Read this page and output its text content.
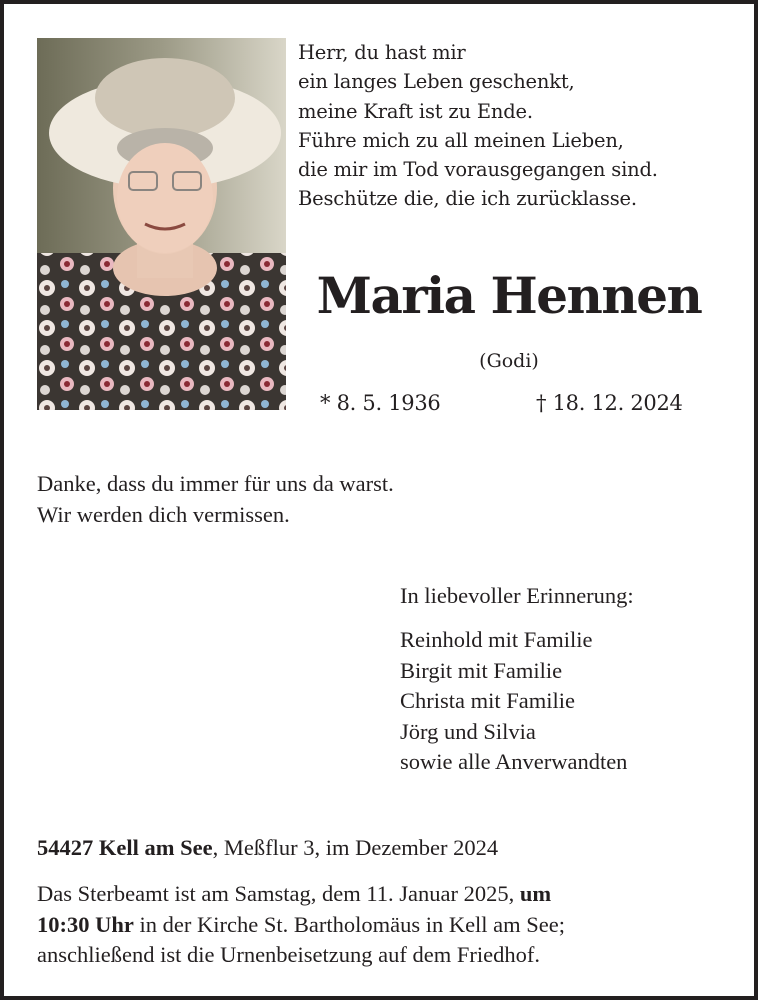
Herr, du hast mir
ein langes Leben geschenkt,
meine Kraft ist zu Ende.
Führe mich zu all meinen Lieben,
die mir im Tod vorausgegangen sind.
Beschütze die, die ich zurücklasse.
Maria Hennen
(Godi)
* 8. 5. 1936	† 18. 12. 2024
Danke, dass du immer für uns da warst.
Wir werden dich vermissen.
In liebevoller Erinnerung:
Reinhold mit Familie
Birgit mit Familie
Christa mit Familie
Jörg und Silvia
sowie alle Anverwandten
54427 Kell am See, Meßflur 3, im Dezember 2024
Das Sterbeamt ist am Samstag, dem 11. Januar 2025, um
10:30 Uhr in der Kirche St. Bartholomäus in Kell am See;
anschließend ist die Urnenbeisetzung auf dem Friedhof.
